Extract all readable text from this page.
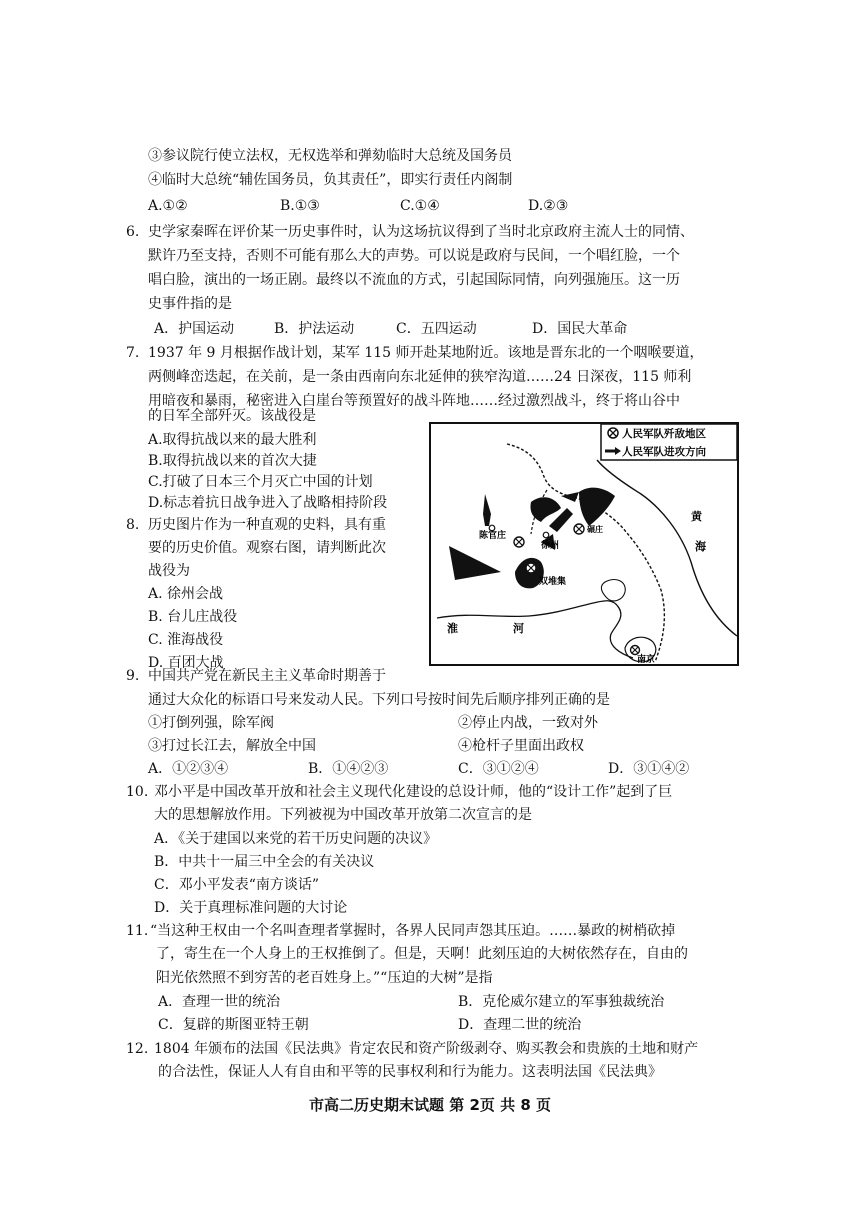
③参议院行使立法权，无权选举和弹劾临时大总统及国务员
④临时大总统“辅佐国务员，负其责任”，即实行责任内阁制
A.①②	B.①③	C.①④	D.②③
6. 史学家秦晖在评价某一历史事件时，认为这场抗议得到了当时北京政府主流人士的同情、
默许乃至支持，否则不可能有那么大的声势。可以说是政府与民间，一个唱红脸，一个
唱白脸，演出的一场正剧。最终以不流血的方式，引起国际同情，向列强施压。这一历
史事件指的是
A．护国运动	B．护法运动	C．五四运动	D．国民大革命
7. 1937 年 9 月根据作战计划，某军 115 师开赴某地附近。该地是晋东北的一个咽喉要道，
两侧峰峦迭起，在关前，是一条由西南向东北延伸的狭窄沟道……24 日深夜，115 师利
用暗夜和暴雨，秘密进入白崖台等预置好的战斗阵地……经过激烈战斗，终于将山谷中
的日军全部歼灭。该战役是
A.取得抗战以来的最大胜利
B.取得抗战以来的首次大捷
C.打破了日本三个月灭亡中国的计划
D.标志着抗日战争进入了战略相持阶段
8. 历史图片作为一种直观的史料，具有重
要的历史价值。观察右图，请判断此次
战役为
A. 徐州会战
B. 台儿庄战役
C. 淮海战役
D. 百团大战
人民军队歼敌地区
人民军队进攻方向
陈官庄
徐州
碾庄
双堆集
黄
海
淮	河
南京
9. 中国共产党在新民主主义革命时期善于
通过大众化的标语口号来发动人民。下列口号按时间先后顺序排列正确的是
①打倒列强，除军阀	②停止内战，一致对外
③打过长江去，解放全中国	④枪杆子里面出政权
A．①②③④	B．①④②③	C．③①②④	D．③①④②
10. 邓小平是中国改革开放和社会主义现代化建设的总设计师，他的“设计工作”起到了巨
大的思想解放作用。下列被视为中国改革开放第二次宣言的是
A．《关于建国以来党的若干历史问题的决议》
B．中共十一届三中全会的有关决议
C．邓小平发表“南方谈话”
D．关于真理标准问题的大讨论
11. “当这种王权由一个名叫查理者掌握时，各界人民同声怨其压迫。……暴政的树梢砍掉
了，寄生在一个人身上的王权推倒了。但是，天啊！此刻压迫的大树依然存在，自由的
阳光依然照不到穷苦的老百姓身上。”“压迫的大树”是指
A．查理一世的统治	B．克伦威尔建立的军事独裁统治
C．复辟的斯图亚特王朝	D．查理二世的统治
12. 1804 年颁布的法国《民法典》肯定农民和资产阶级剥夺、购买教会和贵族的土地和财产
的合法性，保证人人有自由和平等的民事权利和行为能力。这表明法国《民法典》
市高二历史期末试题 第 2页 共 8 页
